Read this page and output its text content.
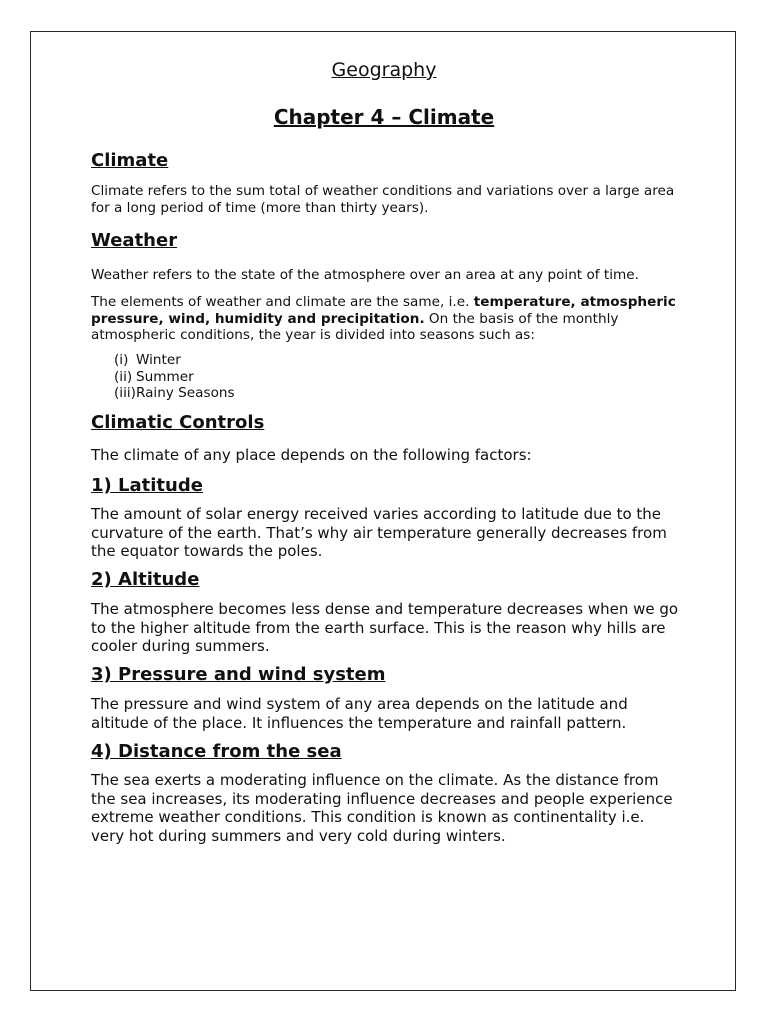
Geography
Chapter 4 – Climate
Climate

Climate refers to the sum total of weather conditions and variations over a large area for a long period of time (more than thirty years).

Weather

Weather refers to the state of the atmosphere over an area at any point of time.

The elements of weather and climate are the same, i.e. temperature, atmospheric pressure, wind, humidity and precipitation. On the basis of the monthly atmospheric conditions, the year is divided into seasons such as:

(i) Winter
(ii) Summer
(iii)Rainy Seasons
Climatic Controls

The climate of any place depends on the following factors:

1) Latitude

The amount of solar energy received varies according to latitude due to the curvature of the earth. That’s why air temperature generally decreases from the equator towards the poles.

2) Altitude

The atmosphere becomes less dense and temperature decreases when we go to the higher altitude from the earth surface. This is the reason why hills are cooler during summers.

3) Pressure and wind system

The pressure and wind system of any area depends on the latitude and altitude of the place. It influences the temperature and rainfall pattern.

4) Distance from the sea

The sea exerts a moderating influence on the climate. As the distance from the sea increases, its moderating influence decreases and people experience extreme weather conditions. This condition is known as continentality i.e. very hot during summers and very cold during winters.
